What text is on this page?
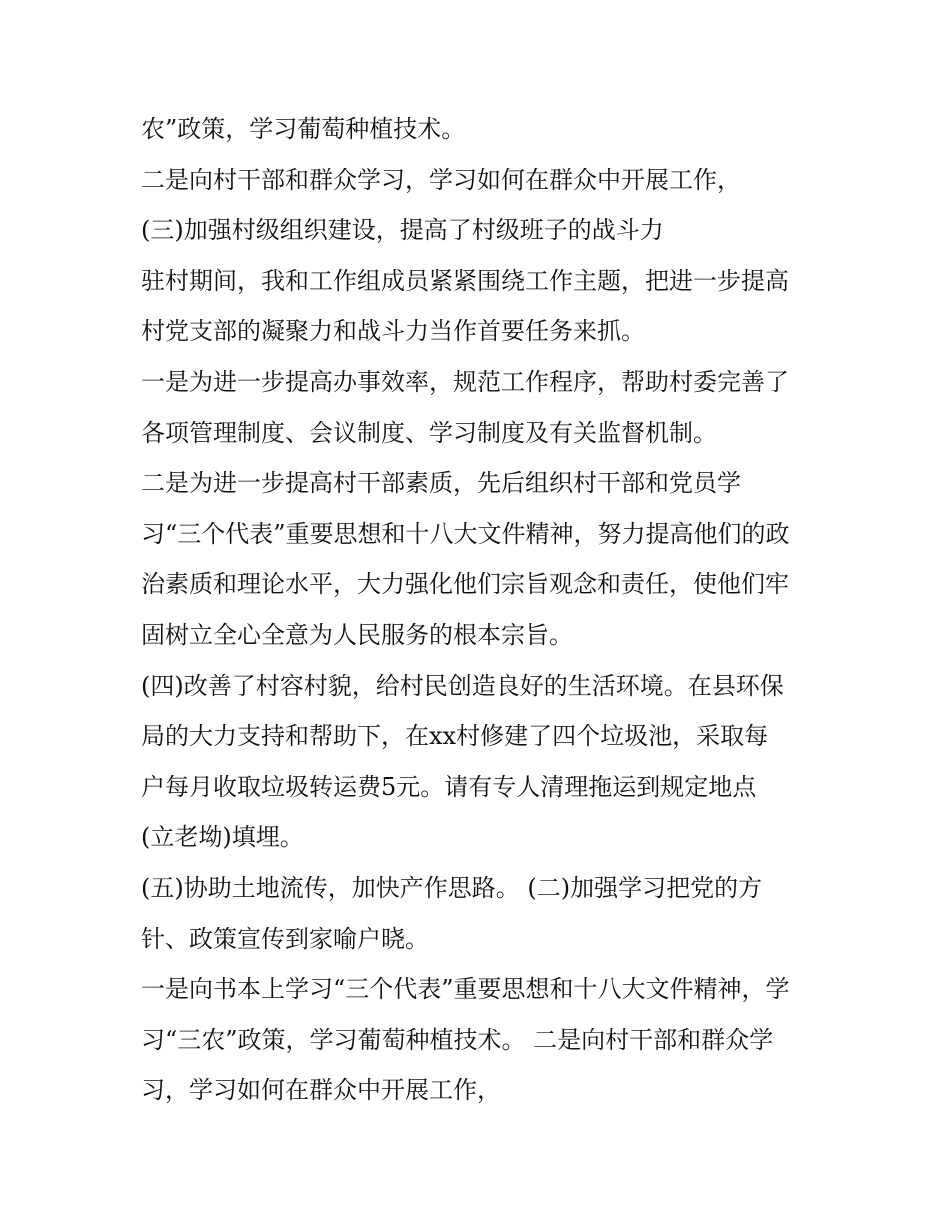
农”政策，学习葡萄种植技术。
二是向村干部和群众学习，学习如何在群众中开展工作，
(三)加强村级组织建设，提高了村级班子的战斗力
驻村期间，我和工作组成员紧紧围绕工作主题，把进一步提高
村党支部的凝聚力和战斗力当作首要任务来抓。
一是为进一步提高办事效率，规范工作程序，帮助村委完善了
各项管理制度、会议制度、学习制度及有关监督机制。
二是为进一步提高村干部素质，先后组织村干部和党员学
习“三个代表”重要思想和十八大文件精神，努力提高他们的政
治素质和理论水平，大力强化他们宗旨观念和责任，使他们牢
固树立全心全意为人民服务的根本宗旨。
(四)改善了村容村貌，给村民创造良好的生活环境。在县环保
局的大力支持和帮助下，在xx村修建了四个垃圾池，采取每
户每月收取垃圾转运费5元。请有专人清理拖运到规定地点
(立老坳)填埋。
(五)协助土地流传，加快产作思路。 (二)加强学习把党的方
针、政策宣传到家喻户晓。
一是向书本上学习“三个代表”重要思想和十八大文件精神，学
习“三农”政策，学习葡萄种植技术。 二是向村干部和群众学
习，学习如何在群众中开展工作，
